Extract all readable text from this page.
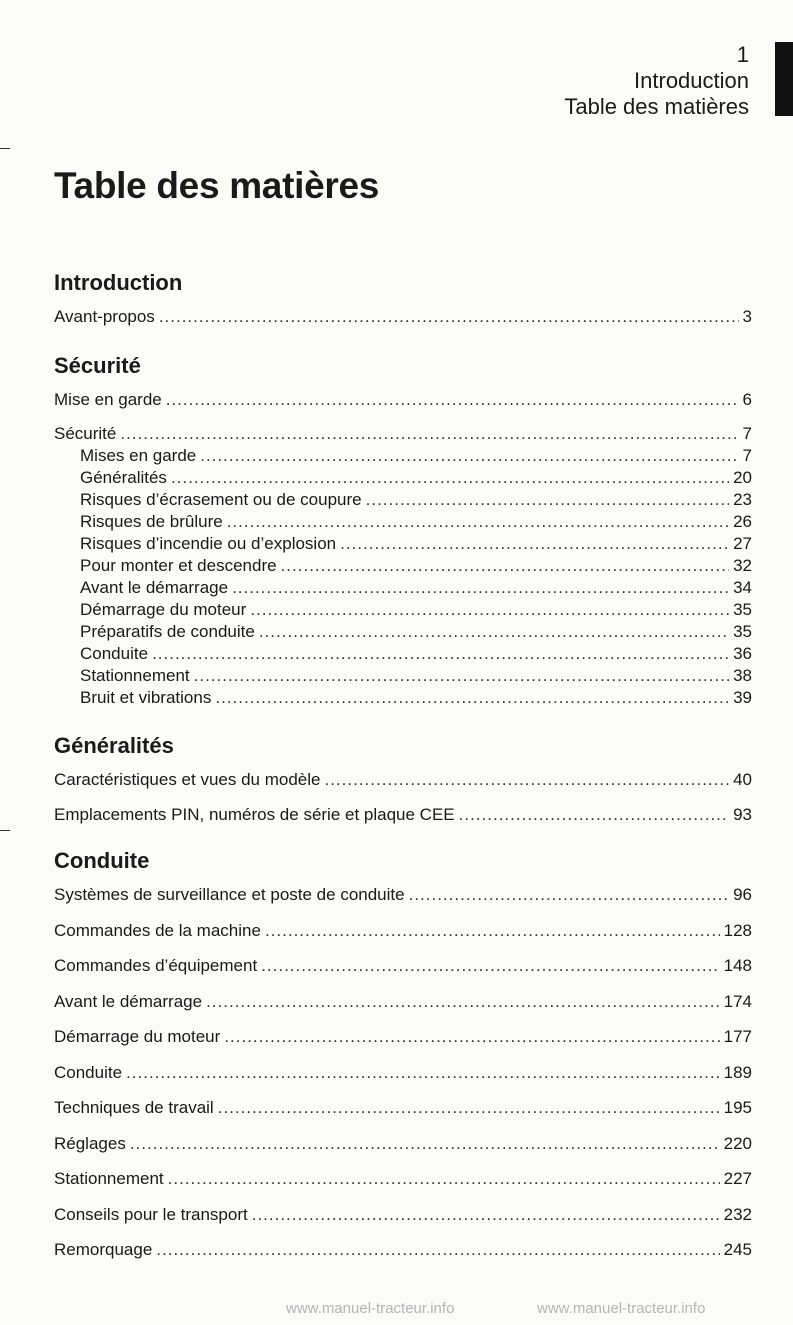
1
Introduction
Table des matières
Table des matières
Introduction
Avant-propos .....	3
Sécurité
Mise en garde .....	6
Sécurité .....	7
Mises en garde .....	7
Généralités .....	20
Risques d’écrasement ou de coupure .....	23
Risques de brûlure .....	26
Risques d’incendie ou d’explosion .....	27
Pour monter et descendre .....	32
Avant le démarrage .....	34
Démarrage du moteur .....	35
Préparatifs de conduite .....	35
Conduite .....	36
Stationnement .....	38
Bruit et vibrations .....	39
Généralités
Caractéristiques et vues du modèle .....	40
Emplacements PIN, numéros de série et plaque CEE .....	93
Conduite
Systèmes de surveillance et poste de conduite .....	96
Commandes de la machine .....	128
Commandes d’équipement .....	148
Avant le démarrage .....	174
Démarrage du moteur .....	177
Conduite .....	189
Techniques de travail .....	195
Réglages .....	220
Stationnement .....	227
Conseils pour le transport .....	232
Remorquage .....	245
www.manuel-tracteur.info	www.manuel-tracteur.info
